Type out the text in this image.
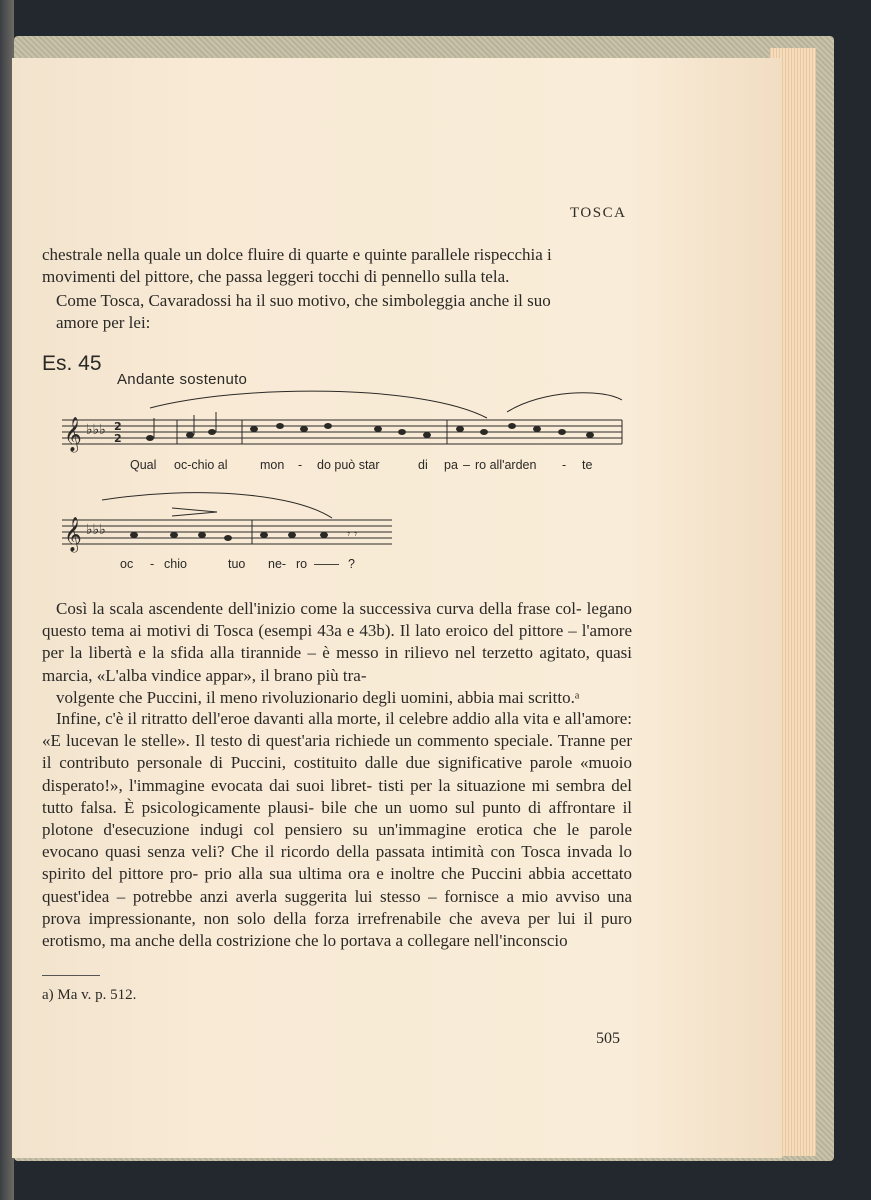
TOSCA

chestrale nella quale un dolce fluire di quarte e quinte parallele rispecchia i
movimenti del pittore, che passa leggeri tocchi di pennello sulla tela.

Come Tosca, Cavaradossi ha il suo motivo, che simboleggia anche il suo
amore per lei:

Es. 45
Andante sostenuto
𝄞 ♭♭♭ 2
2
𝄞 ♭♭♭	𝄾 𝄾
Qual oc-chio al	mon - do può star	di pa – ro all'arden - te
oc - chio	tuo ne- ro —— ?

Così la scala ascendente dell'inizio come la successiva curva della frase col- legano questo tema ai motivi di Tosca (esempi 43a e 43b). Il lato eroico del pittore – l'amore per la libertà e la sfida alla tirannide – è messo in rilievo nel terzetto agitato, quasi marcia, «L'alba vindice appar», il brano più tra-
volgente che Puccini, il meno rivoluzionario degli uomini, abbia mai scritto.ᵃ

Infine, c'è il ritratto dell'eroe davanti alla morte, il celebre addio alla vita e all'amore: «E lucevan le stelle». Il testo di quest'aria richiede un commento speciale. Tranne per il contributo personale di Puccini, costituito dalle due significative parole «muoio disperato!», l'immagine evocata dai suoi libret- tisti per la situazione mi sembra del tutto falsa. È psicologicamente plausi- bile che un uomo sul punto di affrontare il plotone d'esecuzione indugi col pensiero su un'immagine erotica che le parole evocano quasi senza veli? Che il ricordo della passata intimità con Tosca invada lo spirito del pittore pro- prio alla sua ultima ora e inoltre che Puccini abbia accettato quest'idea – potrebbe anzi averla suggerita lui stesso – fornisce a mio avviso una prova impressionante, non solo della forza irrefrenabile che aveva per lui il puro erotismo, ma anche della costrizione che lo portava a collegare nell'inconscio

a) Ma v. p. 512.
505
